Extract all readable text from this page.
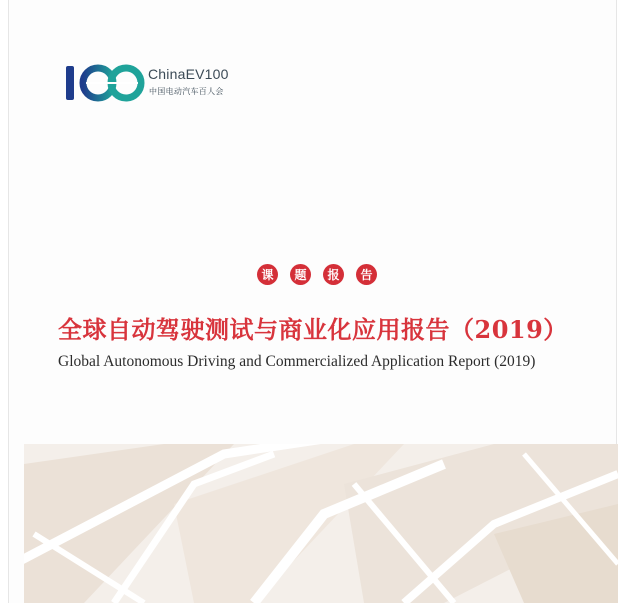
ChinaEV100
中国电动汽车百人会
课	题	报	告
全球自动驾驶测试与商业化应用报告（2019）
Global Autonomous Driving and Commercialized Application Report (2019)
